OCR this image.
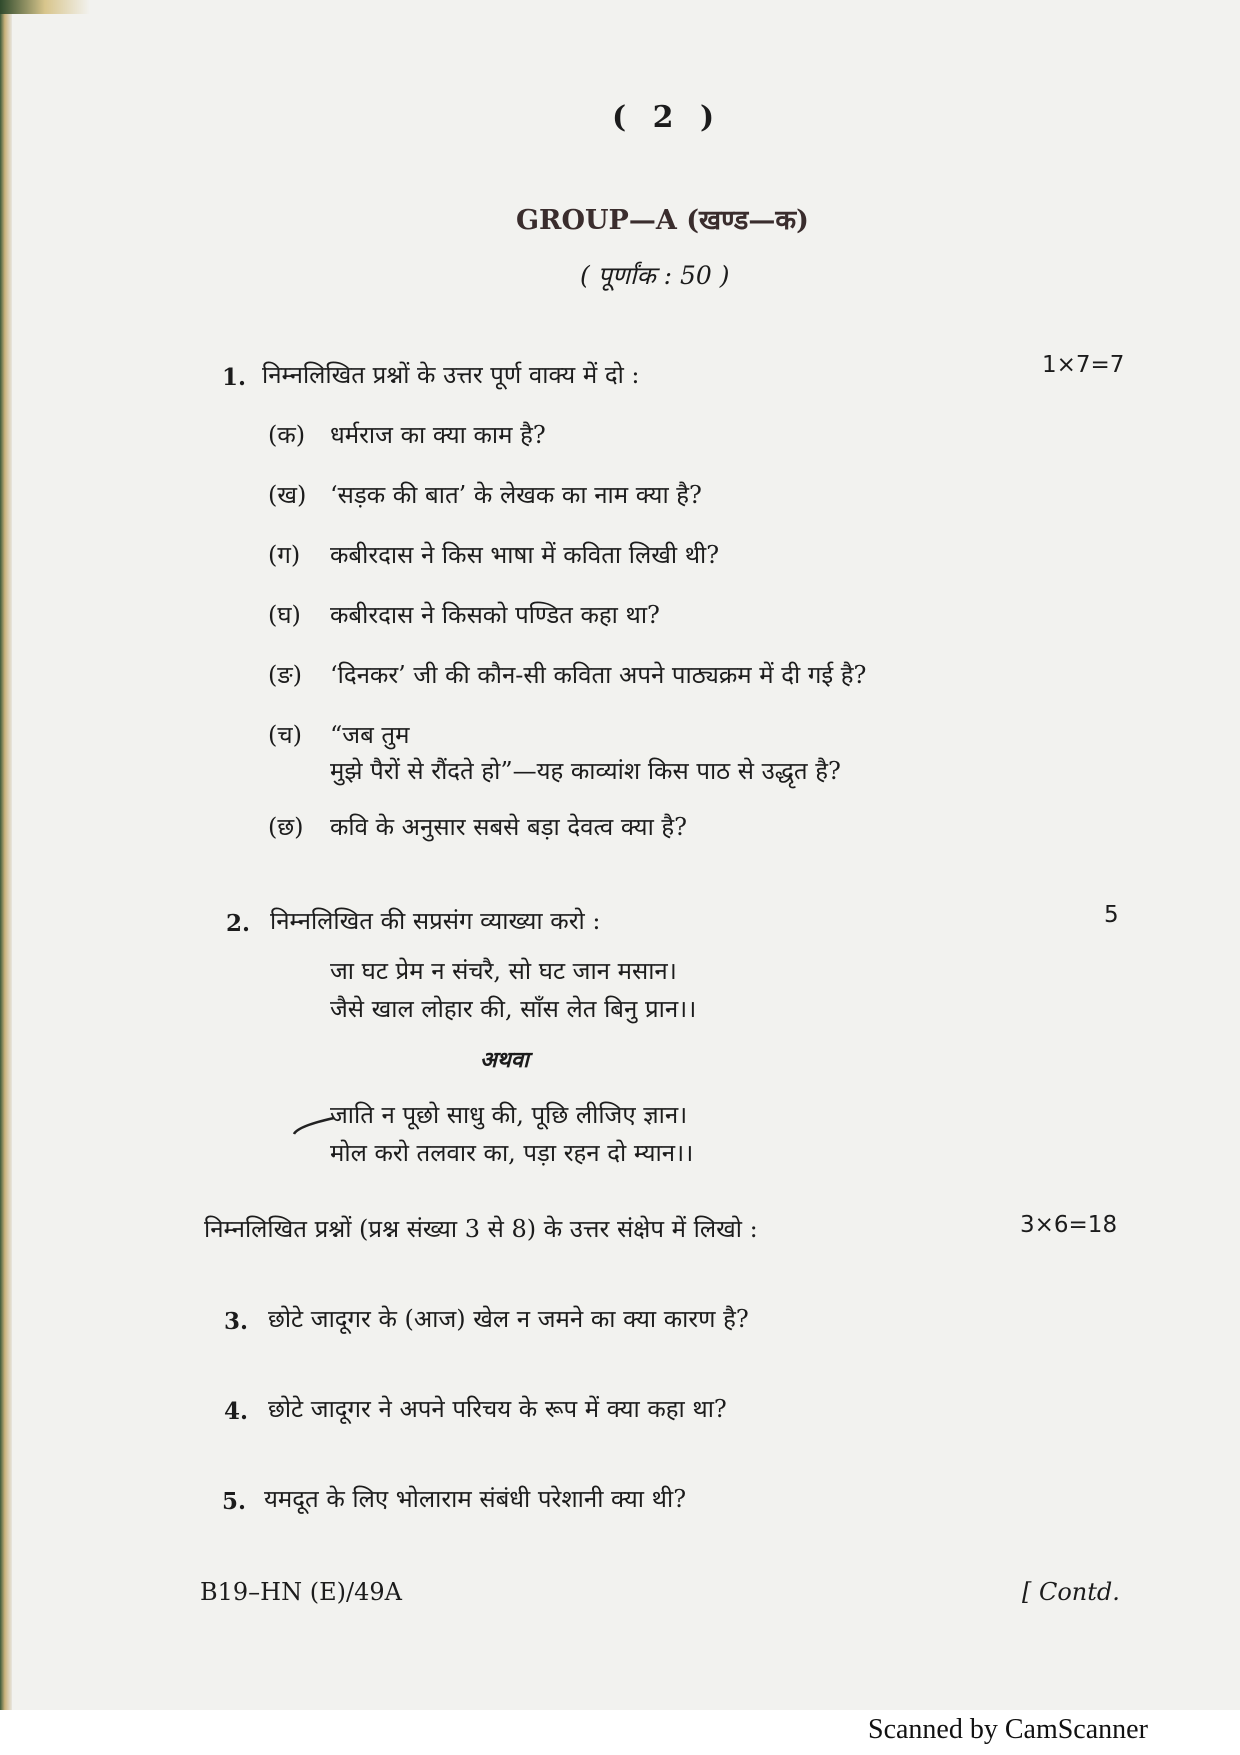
( 2 )
GROUP—A (खण्ड—क)
( पूर्णांक : 50 )
1. निम्नलिखित प्रश्नों के उत्तर पूर्ण वाक्य में दो :	1×7=7
(क) धर्मराज का क्या काम है?
(ख) ‘सड़क की बात’ के लेखक का नाम क्या है?
(ग) कबीरदास ने किस भाषा में कविता लिखी थी?
(घ) कबीरदास ने किसको पण्डित कहा था?
(ङ) ‘दिनकर’ जी की कौन-सी कविता अपने पाठ्यक्रम में दी गई है?
(च) “जब तुम
मुझे पैरों से रौंदते हो”—यह काव्यांश किस पाठ से उद्धृत है?
(छ) कवि के अनुसार सबसे बड़ा देवत्व क्या है?
2. निम्नलिखित की सप्रसंग व्याख्या करो :	5
जा घट प्रेम न संचरै, सो घट जान मसान।
जैसे खाल लोहार की, साँस लेत बिनु प्रान।।
अथवा
जाति न पूछो साधु की, पूछि लीजिए ज्ञान।
मोल करो तलवार का, पड़ा रहन दो म्यान।।
निम्नलिखित प्रश्नों (प्रश्न संख्या 3 से 8) के उत्तर संक्षेप में लिखो :	3×6=18
3. छोटे जादूगर के (आज) खेल न जमने का क्या कारण है?
4. छोटे जादूगर ने अपने परिचय के रूप में क्या कहा था?
5. यमदूत के लिए भोलाराम संबंधी परेशानी क्या थी?
B19–HN (E)/49A	[ Contd.
Scanned by CamScanner
